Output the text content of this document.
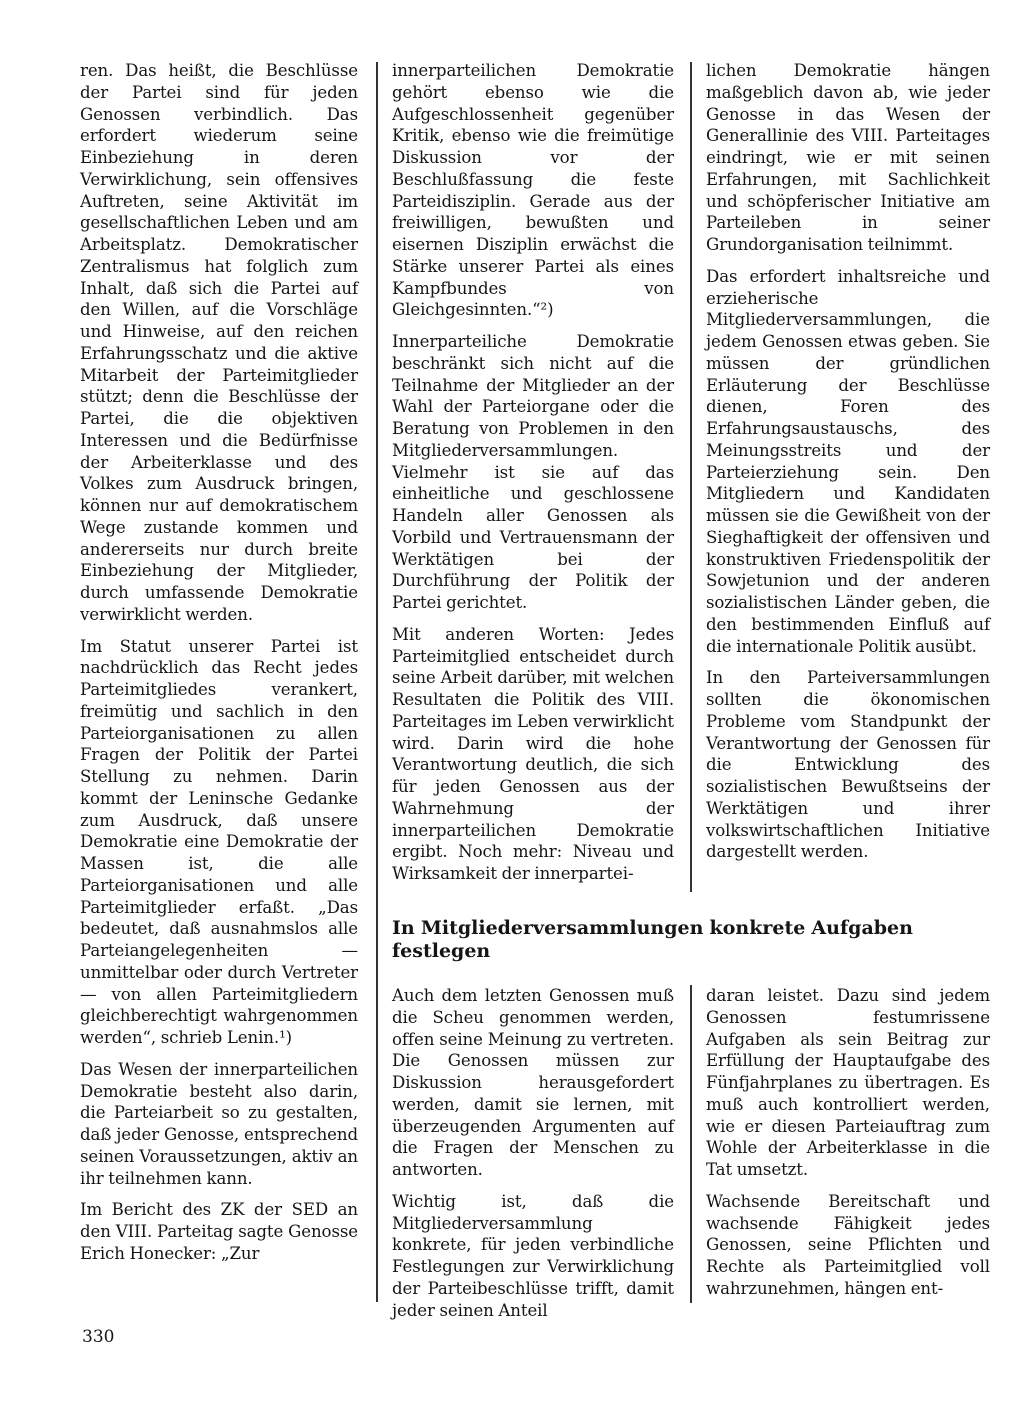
ren. Das heißt, die Beschlüsse der Partei sind für jeden Genossen verbindlich. Das erfordert wiederum seine Einbeziehung in deren Verwirklichung, sein offensives Auftreten, seine Aktivität im gesellschaftlichen Leben und am Arbeitsplatz. Demokratischer Zentralismus hat folglich zum Inhalt, daß sich die Partei auf den Willen, auf die Vorschläge und Hinweise, auf den reichen Erfahrungsschatz und die aktive Mitarbeit der Parteimitglieder stützt; denn die Beschlüsse der Partei, die die objektiven Interessen und die Bedürfnisse der Arbeiterklasse und des Volkes zum Ausdruck bringen, können nur auf demokratischem Wege zustande kommen und andererseits nur durch breite Einbeziehung der Mitglieder, durch umfassende Demokratie verwirklicht werden.

Im Statut unserer Partei ist nachdrücklich das Recht jedes Parteimitgliedes verankert, freimütig und sachlich in den Parteiorganisationen zu allen Fragen der Politik der Partei Stellung zu nehmen. Darin kommt der Leninsche Gedanke zum Ausdruck, daß unsere Demokratie eine Demokratie der Massen ist, die alle Parteiorganisationen und alle Parteimitglieder erfaßt. „Das bedeutet, daß ausnahmslos alle Parteiangelegenheiten — unmittelbar oder durch Vertreter — von allen Parteimitgliedern gleichberechtigt wahrgenommen werden“, schrieb Lenin.¹)

Das Wesen der innerparteilichen Demokratie besteht also darin, die Parteiarbeit so zu gestalten, daß jeder Genosse, entsprechend seinen Voraussetzungen, aktiv an ihr teilnehmen kann.

Im Bericht des ZK der SED an den VIII. Parteitag sagte Genosse Erich Honecker: „Zur

innerparteilichen Demokratie gehört ebenso wie die Aufgeschlossenheit gegenüber Kritik, ebenso wie die freimütige Diskussion vor der Beschlußfassung die feste Parteidisziplin. Gerade aus der freiwilligen, bewußten und eisernen Disziplin erwächst die Stärke unserer Partei als eines Kampfbundes von Gleichgesinnten.“²)

Innerparteiliche Demokratie beschränkt sich nicht auf die Teilnahme der Mitglieder an der Wahl der Parteiorgane oder die Beratung von Problemen in den Mitgliederversammlungen. Vielmehr ist sie auf das einheitliche und geschlossene Handeln aller Genossen als Vorbild und Vertrauensmann der Werktätigen bei der Durchführung der Politik der Partei gerichtet.

Mit anderen Worten: Jedes Parteimitglied entscheidet durch seine Arbeit darüber, mit welchen Resultaten die Politik des VIII. Parteitages im Leben verwirklicht wird. Darin wird die hohe Verantwortung deutlich, die sich für jeden Genossen aus der Wahrnehmung der innerparteilichen Demokratie ergibt. Noch mehr: Niveau und Wirksamkeit der innerpartei-

lichen Demokratie hängen maßgeblich davon ab, wie jeder Genosse in das Wesen der Generallinie des VIII. Parteitages eindringt, wie er mit seinen Erfahrungen, mit Sachlichkeit und schöpferischer Initiative am Parteileben in seiner Grundorganisation teilnimmt.

Das erfordert inhaltsreiche und erzieherische Mitgliederversammlungen, die jedem Genossen etwas geben. Sie müssen der gründlichen Erläuterung der Beschlüsse dienen, Foren des Erfahrungsaustauschs, des Meinungsstreits und der Parteierziehung sein. Den Mitgliedern und Kandidaten müssen sie die Gewißheit von der Sieghaftigkeit der offensiven und konstruktiven Friedenspolitik der Sowjetunion und der anderen sozialistischen Länder geben, die den bestimmenden Einfluß auf die internationale Politik ausübt.

In den Parteiversammlungen sollten die ökonomischen Probleme vom Standpunkt der Verantwortung der Genossen für die Entwicklung des sozialistischen Bewußtseins der Werktätigen und ihrer volkswirtschaftlichen Initiative dargestellt werden.

In Mitgliederversammlungen konkrete Aufgaben festlegen

Auch dem letzten Genossen muß die Scheu genommen werden, offen seine Meinung zu vertreten. Die Genossen müssen zur Diskussion herausgefordert werden, damit sie lernen, mit überzeugenden Argumenten auf die Fragen der Menschen zu antworten.

Wichtig ist, daß die Mitgliederversammlung konkrete, für jeden verbindliche Festlegungen zur Verwirklichung der Parteibeschlüsse trifft, damit jeder seinen Anteil

daran leistet. Dazu sind jedem Genossen festumrissene Aufgaben als sein Beitrag zur Erfüllung der Hauptaufgabe des Fünfjahrplanes zu übertragen. Es muß auch kontrolliert werden, wie er diesen Parteiauftrag zum Wohle der Arbeiterklasse in die Tat umsetzt.

Wachsende Bereitschaft und wachsende Fähigkeit jedes Genossen, seine Pflichten und Rechte als Parteimitglied voll wahrzunehmen, hängen ent-

330
